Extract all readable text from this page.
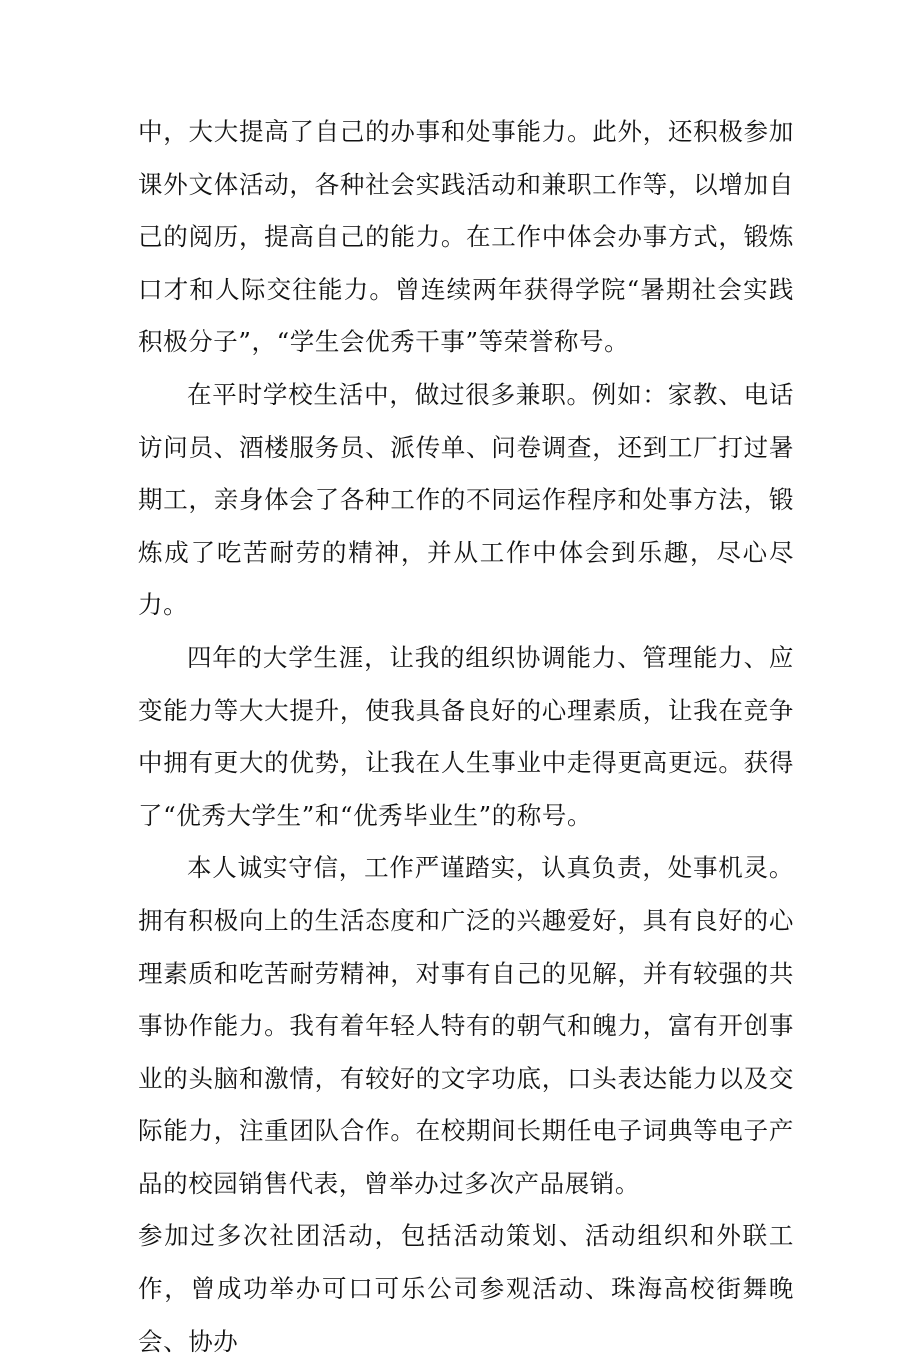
中，大大提高了自己的办事和处事能力。此外，还积极参加课外文体活动，各种社会实践活动和兼职工作等，以增加自己的阅历，提高自己的能力。在工作中体会办事方式，锻炼口才和人际交往能力。曾连续两年获得学院“暑期社会实践积极分子”，“学生会优秀干事”等荣誉称号。

在平时学校生活中，做过很多兼职。例如：家教、电话访问员、酒楼服务员、派传单、问卷调查，还到工厂打过暑期工，亲身体会了各种工作的不同运作程序和处事方法，锻炼成了吃苦耐劳的精神，并从工作中体会到乐趣，尽心尽力。

四年的大学生涯，让我的组织协调能力、管理能力、应变能力等大大提升，使我具备良好的心理素质，让我在竞争中拥有更大的优势，让我在人生事业中走得更高更远。获得了“优秀大学生”和“优秀毕业生”的称号。

本人诚实守信，工作严谨踏实，认真负责，处事机灵。拥有积极向上的生活态度和广泛的兴趣爱好，具有良好的心理素质和吃苦耐劳精神，对事有自己的见解，并有较强的共事协作能力。我有着年轻人特有的朝气和魄力，富有开创事业的头脑和激情，有较好的文字功底，口头表达能力以及交际能力，注重团队合作。在校期间长期任电子词典等电子产品的校园销售代表，曾举办过多次产品展销。

参加过多次社团活动，包括活动策划、活动组织和外联工作，曾成功举办可口可乐公司参观活动、珠海高校街舞晚会、协办
